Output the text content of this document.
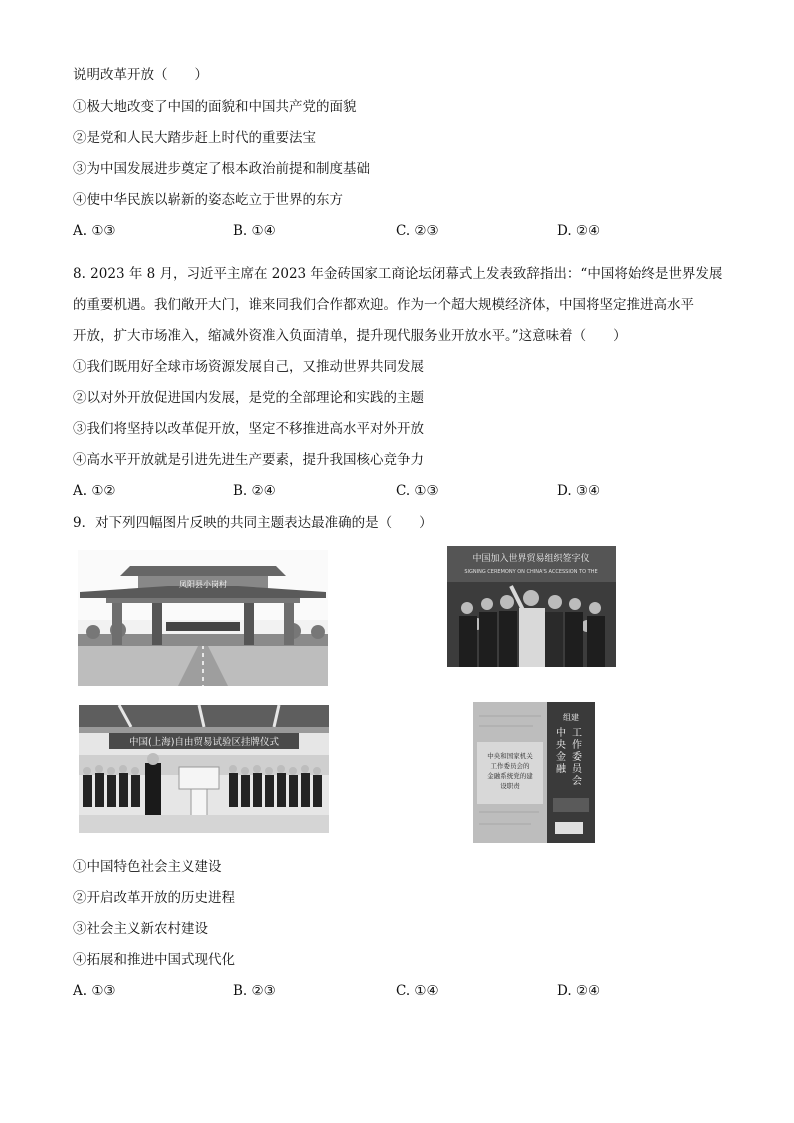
说明改革开放（　　）
①极大地改变了中国的面貌和中国共产党的面貌
②是党和人民大踏步赶上时代的重要法宝
③为中国发展进步奠定了根本政治前提和制度基础
④使中华民族以崭新的姿态屹立于世界的东方
A. ①③	B. ①④	C. ②③	D. ②④
8. 2023 年 8 月，习近平主席在 2023 年金砖国家工商论坛闭幕式上发表致辞指出：“中国将始终是世界发展
的重要机遇。我们敞开大门，谁来同我们合作都欢迎。作为一个超大规模经济体，中国将坚定推进高水平
开放，扩大市场准入，缩减外资准入负面清单，提升现代服务业开放水平。”这意味着（　　）
①我们既用好全球市场资源发展自己，又推动世界共同发展
②以对外开放促进国内发展，是党的全部理论和实践的主题
③我们将坚持以改革促开放，坚定不移推进高水平对外开放
④高水平开放就是引进先进生产要素，提升我国核心竞争力
A. ①②	B. ②④	C. ①③	D. ③④
9．对下列四幅图片反映的共同主题表达最准确的是（　　）
凤阳县小岗村
中国加入世界贸易组织签字仪
SIGNING CEREMONY ON CHINA'S ACCESSION TO THE
中国(上海)自由贸易试验区挂牌仪式
中央和国家机关
工作委员会的
金融系统党的建
设职责
组建
工
作
委
员
会
中
央
金
融
①中国特色社会主义建设
②开启改革开放的历史进程
③社会主义新农村建设
④拓展和推进中国式现代化
A. ①③	B. ②③	C. ①④	D. ②④
